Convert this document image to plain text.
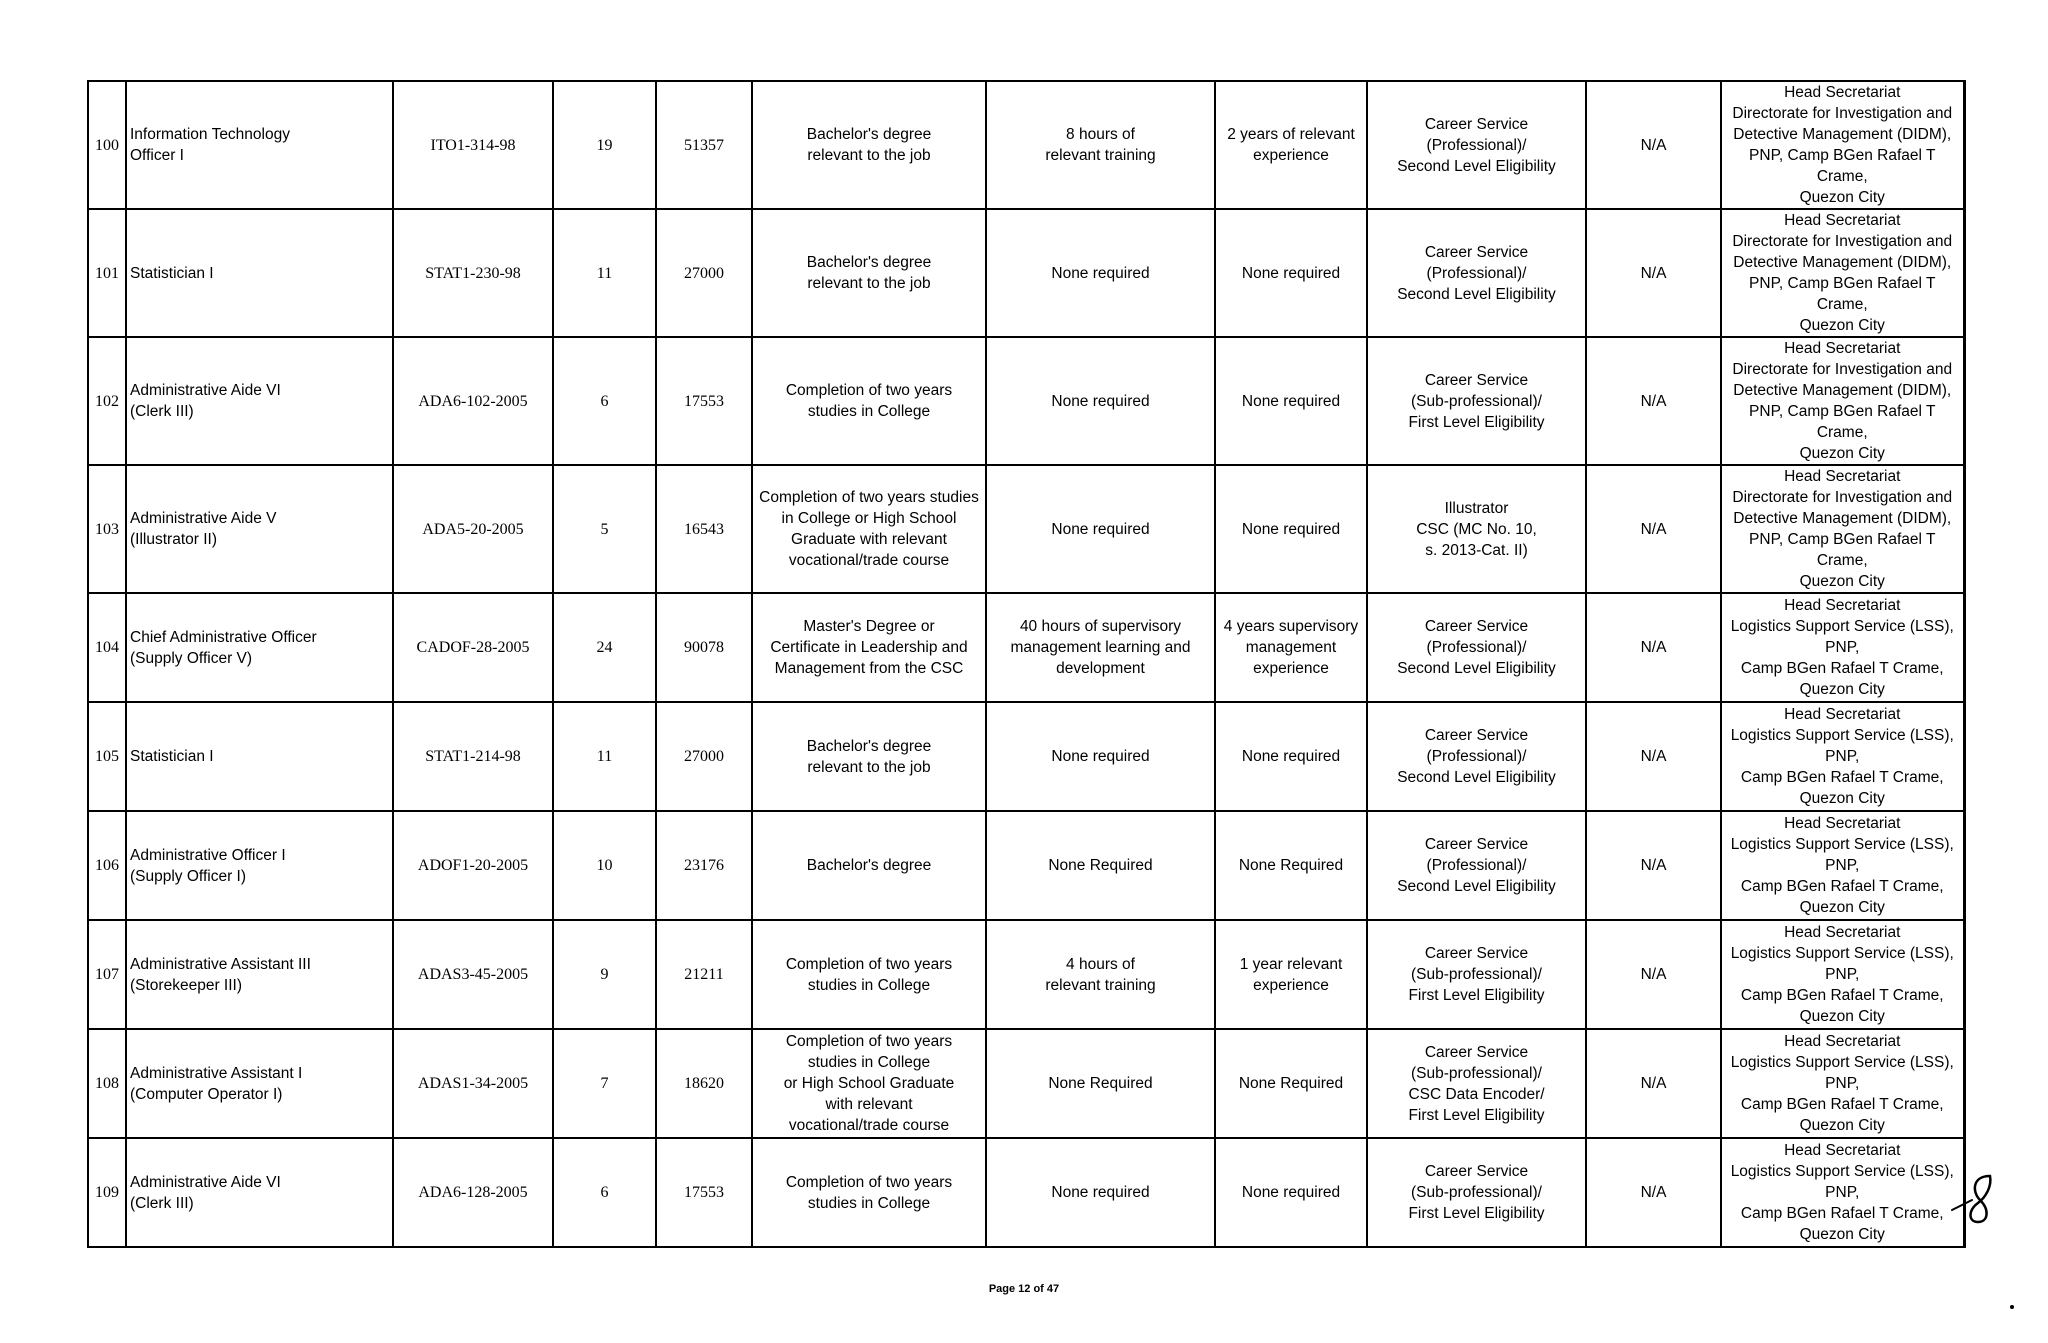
100	Information Technology
Officer I	ITO1-314-98	19	51357	Bachelor's degree
relevant to the job	8 hours of
relevant training	2 years of relevant
experience	Career Service
(Professional)/
Second Level Eligibility	N/A	Head Secretariat
Directorate for Investigation and
Detective Management (DIDM),
PNP, Camp BGen Rafael T Crame,
Quezon City
101	Statistician I	STAT1-230-98	11	27000	Bachelor's degree
relevant to the job	None required	None required	Career Service
(Professional)/
Second Level Eligibility	N/A	Head Secretariat
Directorate for Investigation and
Detective Management (DIDM),
PNP, Camp BGen Rafael T Crame,
Quezon City
102	Administrative Aide VI
(Clerk III)	ADA6-102-2005	6	17553	Completion of two years
studies in College	None required	None required	Career Service
(Sub-professional)/
First Level Eligibility	N/A	Head Secretariat
Directorate for Investigation and
Detective Management (DIDM),
PNP, Camp BGen Rafael T Crame,
Quezon City
103	Administrative Aide V
(Illustrator II)	ADA5-20-2005	5	16543	Completion of two years studies
in College or High School
Graduate with relevant
vocational/trade course	None required	None required	Illustrator
CSC (MC No. 10,
s. 2013-Cat. II)	N/A	Head Secretariat
Directorate for Investigation and
Detective Management (DIDM),
PNP, Camp BGen Rafael T Crame,
Quezon City
104	Chief Administrative Officer
(Supply Officer V)	CADOF-28-2005	24	90078	Master's Degree or
Certificate in Leadership and
Management from the CSC	40 hours of supervisory
management learning and
development	4 years supervisory
management
experience	Career Service
(Professional)/
Second Level Eligibility	N/A	Head Secretariat
Logistics Support Service (LSS), PNP,
Camp BGen Rafael T Crame,
Quezon City
105	Statistician I	STAT1-214-98	11	27000	Bachelor's degree
relevant to the job	None required	None required	Career Service
(Professional)/
Second Level Eligibility	N/A	Head Secretariat
Logistics Support Service (LSS), PNP,
Camp BGen Rafael T Crame,
Quezon City
106	Administrative Officer I
(Supply Officer I)	ADOF1-20-2005	10	23176	Bachelor's degree	None Required	None Required	Career Service
(Professional)/
Second Level Eligibility	N/A	Head Secretariat
Logistics Support Service (LSS), PNP,
Camp BGen Rafael T Crame,
Quezon City
107	Administrative Assistant III
(Storekeeper III)	ADAS3-45-2005	9	21211	Completion of two years
studies in College	4 hours of
relevant training	1 year relevant
experience	Career Service
(Sub-professional)/
First Level Eligibility	N/A	Head Secretariat
Logistics Support Service (LSS), PNP,
Camp BGen Rafael T Crame,
Quezon City
108	Administrative Assistant I
(Computer Operator I)	ADAS1-34-2005	7	18620	Completion of two years
studies in College
or High School Graduate
with relevant
vocational/trade course	None Required	None Required	Career Service
(Sub-professional)/
CSC Data Encoder/
First Level Eligibility	N/A	Head Secretariat
Logistics Support Service (LSS), PNP,
Camp BGen Rafael T Crame,
Quezon City
109	Administrative Aide VI
(Clerk III)	ADA6-128-2005	6	17553	Completion of two years
studies in College	None required	None required	Career Service
(Sub-professional)/
First Level Eligibility	N/A	Head Secretariat
Logistics Support Service (LSS), PNP,
Camp BGen Rafael T Crame,
Quezon City
Page 12 of 47
